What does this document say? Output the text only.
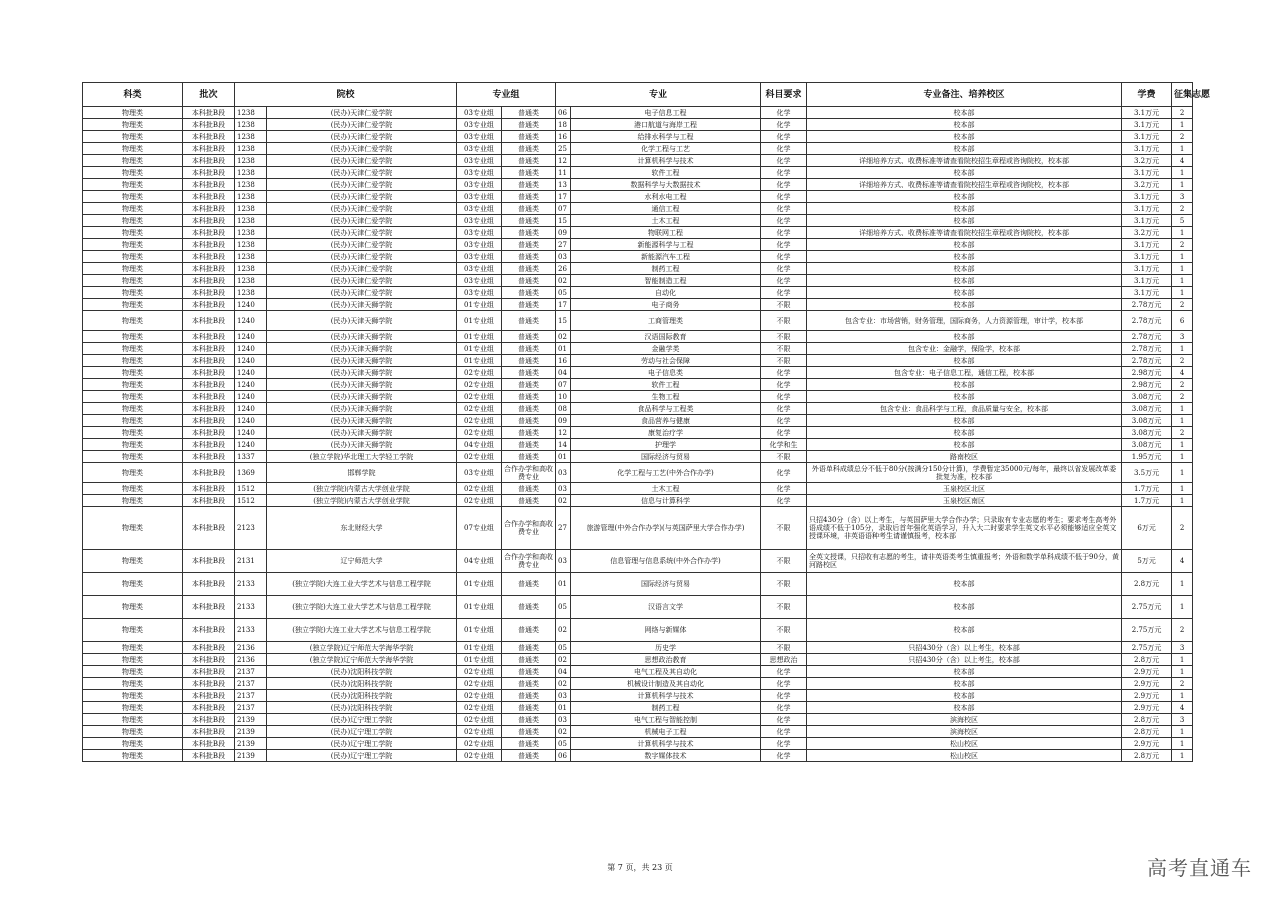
科类	批次	院校		专业组		专业		科目要求	专业备注、培养校区	学费	征集志愿
物理类	本科批B段	1238	(民办)天津仁爱学院	03专业组	普通类	06	电子信息工程	化学	校本部	3.1万元	2
物理类	本科批B段	1238	(民办)天津仁爱学院	03专业组	普通类	18	港口航道与海岸工程	化学	校本部	3.1万元	1
物理类	本科批B段	1238	(民办)天津仁爱学院	03专业组	普通类	16	给排水科学与工程	化学	校本部	3.1万元	2
物理类	本科批B段	1238	(民办)天津仁爱学院	03专业组	普通类	25	化学工程与工艺	化学	校本部	3.1万元	1
物理类	本科批B段	1238	(民办)天津仁爱学院	03专业组	普通类	12	计算机科学与技术	化学	详细培养方式、收费标准等请查看院校招生章程或咨询院校，校本部	3.2万元	4
物理类	本科批B段	1238	(民办)天津仁爱学院	03专业组	普通类	11	软件工程	化学	校本部	3.1万元	1
物理类	本科批B段	1238	(民办)天津仁爱学院	03专业组	普通类	13	数据科学与大数据技术	化学	详细培养方式、收费标准等请查看院校招生章程或咨询院校，校本部	3.2万元	1
物理类	本科批B段	1238	(民办)天津仁爱学院	03专业组	普通类	17	水利水电工程	化学	校本部	3.1万元	3
物理类	本科批B段	1238	(民办)天津仁爱学院	03专业组	普通类	07	通信工程	化学	校本部	3.1万元	2
物理类	本科批B段	1238	(民办)天津仁爱学院	03专业组	普通类	15	土木工程	化学	校本部	3.1万元	5
物理类	本科批B段	1238	(民办)天津仁爱学院	03专业组	普通类	09	物联网工程	化学	详细培养方式、收费标准等请查看院校招生章程或咨询院校，校本部	3.2万元	1
物理类	本科批B段	1238	(民办)天津仁爱学院	03专业组	普通类	27	新能源科学与工程	化学	校本部	3.1万元	2
物理类	本科批B段	1238	(民办)天津仁爱学院	03专业组	普通类	03	新能源汽车工程	化学	校本部	3.1万元	1
物理类	本科批B段	1238	(民办)天津仁爱学院	03专业组	普通类	26	制药工程	化学	校本部	3.1万元	1
物理类	本科批B段	1238	(民办)天津仁爱学院	03专业组	普通类	02	智能制造工程	化学	校本部	3.1万元	1
物理类	本科批B段	1238	(民办)天津仁爱学院	03专业组	普通类	05	自动化	化学	校本部	3.1万元	1
物理类	本科批B段	1240	(民办)天津天狮学院	01专业组	普通类	17	电子商务	不限	校本部	2.78万元	2
物理类	本科批B段	1240	(民办)天津天狮学院	01专业组	普通类	15	工商管理类	不限	包含专业：市场营销，财务管理，国际商务，人力资源管理，审计学，校本部	2.78万元	6
物理类	本科批B段	1240	(民办)天津天狮学院	01专业组	普通类	02	汉语国际教育	不限	校本部	2.78万元	3
物理类	本科批B段	1240	(民办)天津天狮学院	01专业组	普通类	01	金融学类	不限	包含专业：金融学，保险学，校本部	2.78万元	1
物理类	本科批B段	1240	(民办)天津天狮学院	01专业组	普通类	16	劳动与社会保障	不限	校本部	2.78万元	2
物理类	本科批B段	1240	(民办)天津天狮学院	02专业组	普通类	04	电子信息类	化学	包含专业：电子信息工程，通信工程，校本部	2.98万元	4
物理类	本科批B段	1240	(民办)天津天狮学院	02专业组	普通类	07	软件工程	化学	校本部	2.98万元	2
物理类	本科批B段	1240	(民办)天津天狮学院	02专业组	普通类	10	生物工程	化学	校本部	3.08万元	2
物理类	本科批B段	1240	(民办)天津天狮学院	02专业组	普通类	08	食品科学与工程类	化学	包含专业：食品科学与工程，食品质量与安全，校本部	3.08万元	1
物理类	本科批B段	1240	(民办)天津天狮学院	02专业组	普通类	09	食品营养与健康	化学	校本部	3.08万元	1
物理类	本科批B段	1240	(民办)天津天狮学院	02专业组	普通类	12	康复治疗学	化学	校本部	3.08万元	2
物理类	本科批B段	1240	(民办)天津天狮学院	04专业组	普通类	14	护理学	化学和生	校本部	3.08万元	1
物理类	本科批B段	1337	(独立学院)华北理工大学轻工学院	02专业组	普通类	01	国际经济与贸易	不限	路南校区	1.95万元	1
物理类	本科批B段	1369	邯郸学院	03专业组	合作办学和高收费专业	03	化学工程与工艺(中外合作办学)	化学	外语单科成绩总分不低于80分(按满分150分计算)，学费暂定35000元/每年，最终以省发展改革委批复为准，校本部	3.5万元	1
物理类	本科批B段	1512	(独立学院)内蒙古大学创业学院	02专业组	普通类	03	土木工程	化学	玉泉校区北区	1.7万元	1
物理类	本科批B段	1512	(独立学院)内蒙古大学创业学院	02专业组	普通类	02	信息与计算科学	化学	玉泉校区南区	1.7万元	1
物理类	本科批B段	2123	东北财经大学	07专业组	合作办学和高收费专业	27	旅游管理(中外合作办学)(与英国萨里大学合作办学)	不限	只招430分（含）以上考生，与英国萨里大学合作办学；只录取有专业志愿的考生；要求考生高考外语成绩不低于105分，录取后首年强化英语学习，升入大二时要求学生英文水平必须能够适应全英文授课环境，非英语语种考生请谨慎报考，校本部	6万元	2
物理类	本科批B段	2131	辽宁师范大学	04专业组	合作办学和高收费专业	03	信息管理与信息系统(中外合作办学)	不限	全英文授课，只招收有志愿的考生，请非英语类考生慎重报考；外语和数学单科成绩不低于90分，黄河路校区	5万元	4
物理类	本科批B段	2133	(独立学院)大连工业大学艺术与信息工程学院	01专业组	普通类	01	国际经济与贸易	不限	校本部	2.8万元	1
物理类	本科批B段	2133	(独立学院)大连工业大学艺术与信息工程学院	01专业组	普通类	05	汉语言文学	不限	校本部	2.75万元	1
物理类	本科批B段	2133	(独立学院)大连工业大学艺术与信息工程学院	01专业组	普通类	02	网络与新媒体	不限	校本部	2.75万元	2
物理类	本科批B段	2136	(独立学院)辽宁师范大学海华学院	01专业组	普通类	05	历史学	不限	只招430分（含）以上考生，校本部	2.75万元	3
物理类	本科批B段	2136	(独立学院)辽宁师范大学海华学院	01专业组	普通类	02	思想政治教育	思想政治	只招430分（含）以上考生，校本部	2.8万元	1
物理类	本科批B段	2137	(民办)沈阳科技学院	02专业组	普通类	04	电气工程及其自动化	化学	校本部	2.9万元	1
物理类	本科批B段	2137	(民办)沈阳科技学院	02专业组	普通类	02	机械设计制造及其自动化	化学	校本部	2.9万元	2
物理类	本科批B段	2137	(民办)沈阳科技学院	02专业组	普通类	03	计算机科学与技术	化学	校本部	2.9万元	1
物理类	本科批B段	2137	(民办)沈阳科技学院	02专业组	普通类	01	制药工程	化学	校本部	2.9万元	4
物理类	本科批B段	2139	(民办)辽宁理工学院	02专业组	普通类	03	电气工程与智能控制	化学	滨海校区	2.8万元	3
物理类	本科批B段	2139	(民办)辽宁理工学院	02专业组	普通类	02	机械电子工程	化学	滨海校区	2.8万元	1
物理类	本科批B段	2139	(民办)辽宁理工学院	02专业组	普通类	05	计算机科学与技术	化学	松山校区	2.9万元	1
物理类	本科批B段	2139	(民办)辽宁理工学院	02专业组	普通类	06	数字媒体技术	化学	松山校区	2.8万元	1
第 7 页，共 23 页	高考直通车
